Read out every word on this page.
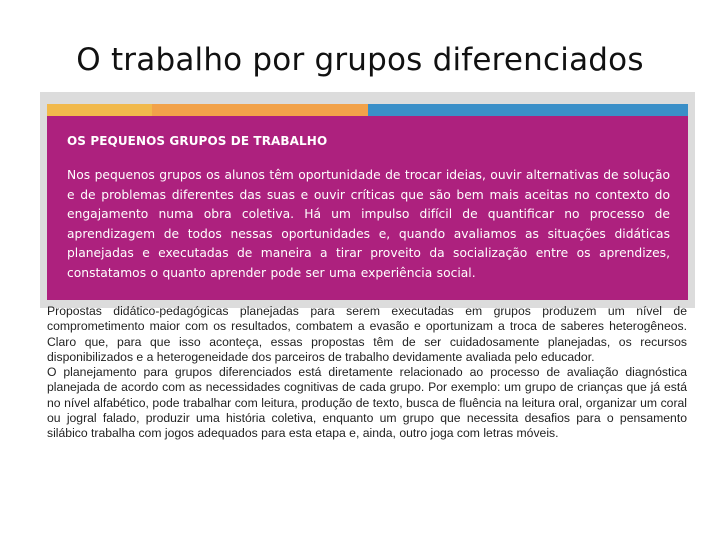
O trabalho por grupos diferenciados
OS PEQUENOS GRUPOS DE TRABALHO

Nos pequenos grupos os alunos têm oportunidade de trocar ideias, ouvir alternativas de solução e de problemas diferentes das suas e ouvir críticas que são bem mais aceitas no contexto do engajamento numa obra coletiva. Há um impulso difícil de quantificar no processo de aprendizagem de todos nessas oportunidades e, quando avaliamos as situações didáticas planejadas e executadas de maneira a tirar proveito da socialização entre os aprendizes, constatamos o quanto aprender pode ser uma experiência social.

Propostas didático-pedagógicas planejadas para serem executadas em grupos produzem um nível de comprometimento maior com os resultados, combatem a evasão e oportunizam a troca de saberes heterogêneos. Claro que, para que isso aconteça, essas propostas têm de ser cuidadosamente planejadas, os recursos disponibilizados e a heterogeneidade dos parceiros de trabalho devidamente avaliada pelo educador.

O planejamento para grupos diferenciados está diretamente relacionado ao processo de avaliação diagnóstica planejada de acordo com as necessidades cognitivas de cada grupo. Por exemplo: um grupo de crianças que já está no nível alfabético, pode trabalhar com leitura, produção de texto, busca de fluência na leitura oral, organizar um coral ou jogral falado, produzir uma história coletiva, enquanto um grupo que necessita desafios para o pensamento silábico trabalha com jogos adequados para esta etapa e, ainda, outro joga com letras móveis.
